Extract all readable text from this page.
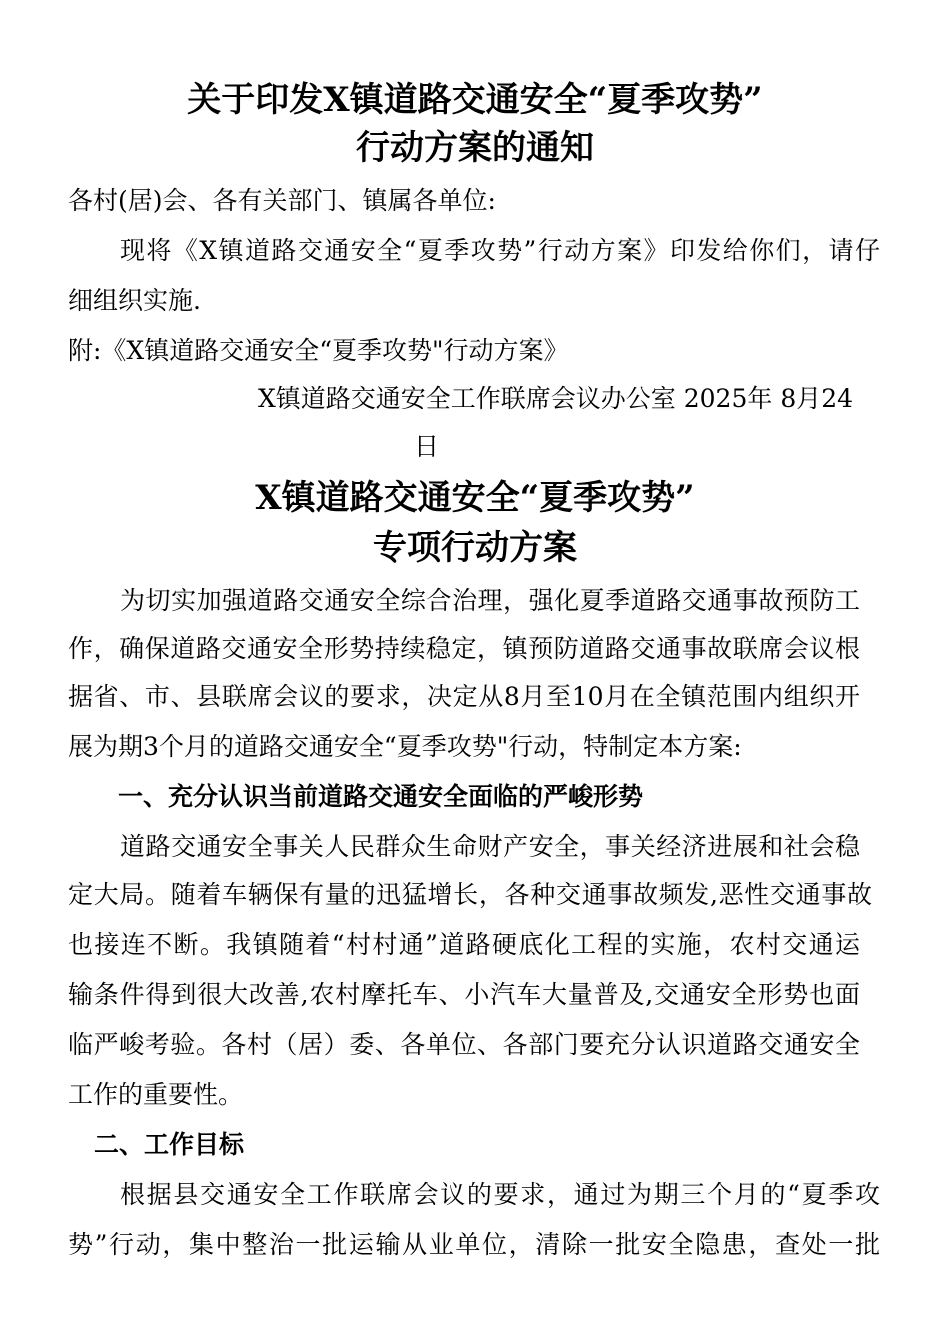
关于印发X镇道路交通安全“夏季攻势”
行动方案的通知
各村(居)会、各有关部门、镇属各单位:
现将《X镇道路交通安全“夏季攻势”行动方案》印发给你们，请仔
细组织实施.
附:《X镇道路交通安全“夏季攻势"行动方案》
X镇道路交通安全工作联席会议办公室 2025年 8月24
日
X镇道路交通安全“夏季攻势”
专项行动方案
为切实加强道路交通安全综合治理，强化夏季道路交通事故预防工
作，确保道路交通安全形势持续稳定，镇预防道路交通事故联席会议根
据省、市、县联席会议的要求，决定从8月至10月在全镇范围内组织开
展为期3个月的道路交通安全“夏季攻势"行动，特制定本方案:
一、充分认识当前道路交通安全面临的严峻形势
道路交通安全事关人民群众生命财产安全，事关经济进展和社会稳
定大局。随着车辆保有量的迅猛增长，各种交通事故频发,恶性交通事故
也接连不断。我镇随着“村村通”道路硬底化工程的实施，农村交通运
输条件得到很大改善,农村摩托车、小汽车大量普及,交通安全形势也面
临严峻考验。各村（居）委、各单位、各部门要充分认识道路交通安全
工作的重要性。
二、工作目标
根据县交通安全工作联席会议的要求，通过为期三个月的“夏季攻
势”行动，集中整治一批运输从业单位，清除一批安全隐患，查处一批
